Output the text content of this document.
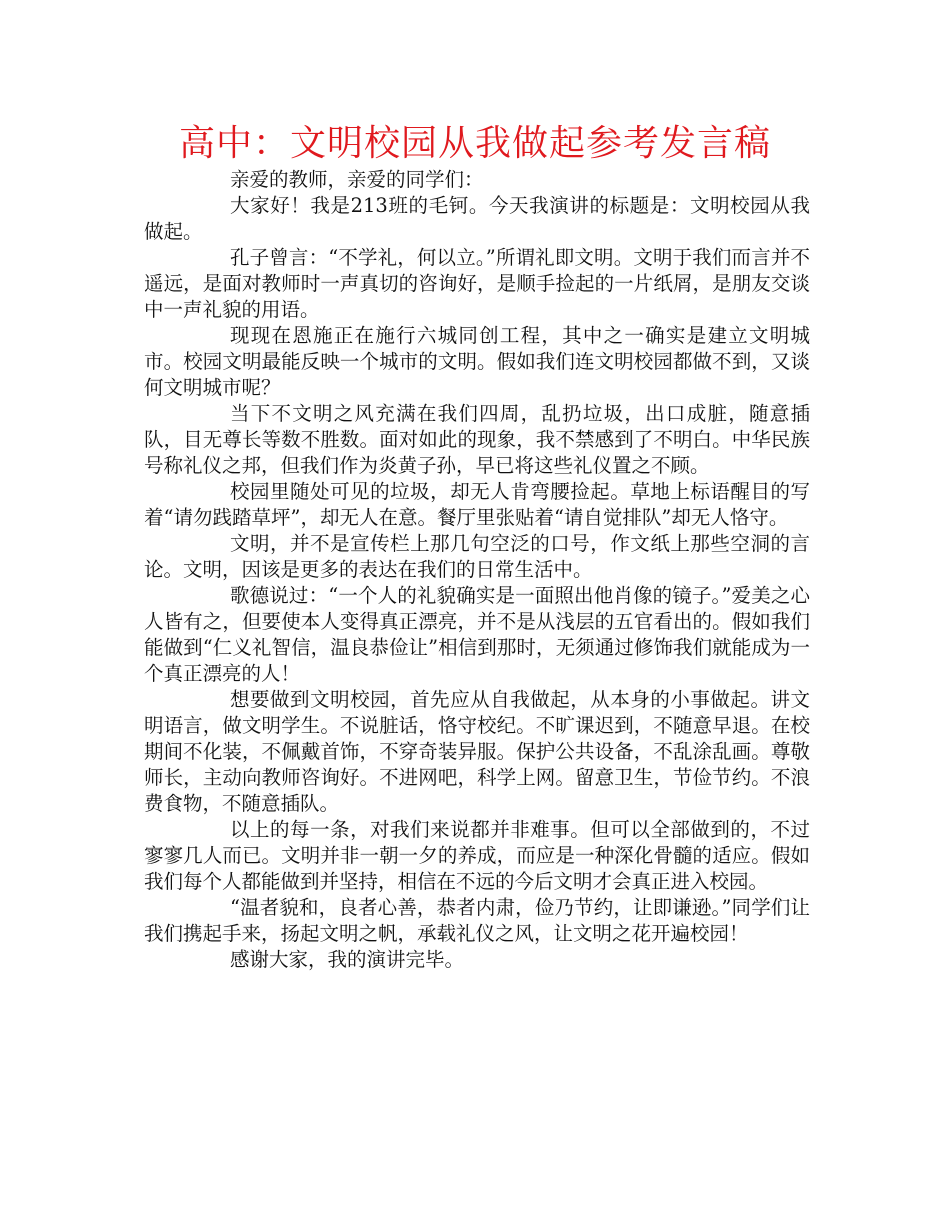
高中：文明校园从我做起参考发言稿

亲爱的教师，亲爱的同学们：

大家好！我是213班的毛钶。今天我演讲的标题是：文明校园从我做起。

孔子曾言：“不学礼，何以立。”所谓礼即文明。文明于我们而言并不遥远，是面对教师时一声真切的咨询好，是顺手捡起的一片纸屑，是朋友交谈中一声礼貌的用语。

现现在恩施正在施行六城同创工程，其中之一确实是建立文明城市。校园文明最能反映一个城市的文明。假如我们连文明校园都做不到，又谈何文明城市呢？

当下不文明之风充满在我们四周，乱扔垃圾，出口成脏，随意插队，目无尊长等数不胜数。面对如此的现象，我不禁感到了不明白。中华民族号称礼仪之邦，但我们作为炎黄子孙，早已将这些礼仪置之不顾。

校园里随处可见的垃圾，却无人肯弯腰捡起。草地上标语醒目的写着“请勿践踏草坪”，却无人在意。餐厅里张贴着“请自觉排队”却无人恪守。

文明，并不是宣传栏上那几句空泛的口号，作文纸上那些空洞的言论。文明，因该是更多的表达在我们的日常生活中。

歌德说过：“一个人的礼貌确实是一面照出他肖像的镜子。”爱美之心人皆有之，但要使本人变得真正漂亮，并不是从浅层的五官看出的。假如我们能做到“仁义礼智信，温良恭俭让”相信到那时，无须通过修饰我们就能成为一个真正漂亮的人！

想要做到文明校园，首先应从自我做起，从本身的小事做起。讲文明语言，做文明学生。不说脏话，恪守校纪。不旷课迟到，不随意早退。在校期间不化装，不佩戴首饰，不穿奇装异服。保护公共设备，不乱涂乱画。尊敬师长，主动向教师咨询好。不进网吧，科学上网。留意卫生，节俭节约。不浪费食物，不随意插队。

以上的每一条，对我们来说都并非难事。但可以全部做到的，不过寥寥几人而已。文明并非一朝一夕的养成，而应是一种深化骨髓的适应。假如我们每个人都能做到并坚持，相信在不远的今后文明才会真正进入校园。

“温者貌和，良者心善，恭者内肃，俭乃节约，让即谦逊。”同学们让我们携起手来，扬起文明之帆，承载礼仪之风，让文明之花开遍校园！

感谢大家，我的演讲完毕。
